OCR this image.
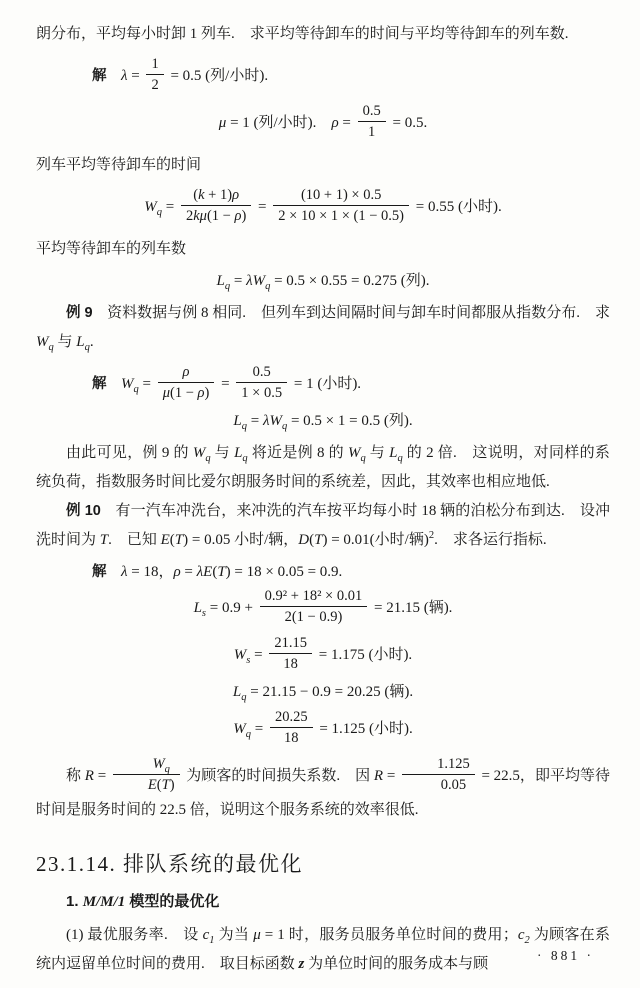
朗分布，平均每小时卸 1 列车.　求平均等待卸车的时间与平均等待卸车的列车数.
解　$\lambda = \frac{1}{2} = 0.5$ (列/小时).
μ = 1 (列/小时).　$\rho = \frac{0.5}{1} = 0.5$.
列车平均等待卸车的时间
$W_q = \frac{(k + 1)\rho}{2k\mu(1 - \rho)} = \frac{(10 + 1) \times 0.5}{2 \times 10 \times 1 \times (1 - 0.5)} = 0.55$ (小时).
平均等待卸车的列车数
$L_q = \lambda W_q = 0.5 \times 0.55 = 0.275$ (列).
例 9　资料数据与例 8 相同.　但列车到达间隔时间与卸车时间都服从指数分布.　求 $W_q$ 与 $L_q$.
解　$W_q = \frac{\rho}{\mu(1 - \rho)} = \frac{0.5}{1 \times 0.5} = 1$ (小时).
$L_q = \lambda W_q = 0.5 \times 1 = 0.5$ (列).
由此可见，例 9 的 $W_q$ 与 $L_q$ 将近是例 8 的 $W_q$ 与 $L_q$ 的 2 倍.　这说明，对同样的系统负荷，指数服务时间比爱尔朗服务时间的系统差，因此，其效率也相应地低.
例 10　有一汽车冲洗台，来冲洗的汽车按平均每小时 18 辆的泊松分布到达.　设冲洗时间为 T.　已知 E(T) = 0.05 小时/辆，D(T) = 0.01(小时/辆)$^2$.　求各运行指标.
解　λ = 18，ρ = λE(T) = 18 × 0.05 = 0.9.
$L_s = 0.9 + \frac{\text{0.9² + 18² × 0.01}}{2(1 - 0.9)} = 21.15$ (辆).
$W_s = \frac{21.15}{18} = 1.175$ (小时).
$L_q = 21.15 - 0.9 = 20.25$ (辆).
$W_q = \frac{20.25}{18} = 1.125$ (小时).
称 $R = \frac{W_q}{E(T)}$ 为顾客的时间损失系数.　因 $R = \frac{1.125}{0.05} = 22.5$，即平均等待时间是服务时间的 22.5 倍，说明这个服务系统的效率很低.
23.1.14. 排队系统的最优化
1. M/M/1 模型的最优化
(1) 最优服务率.　设 $c_1$ 为当 μ = 1 时，服务员服务单位时间的费用；$c_2$ 为顾客在系统内逗留单位时间的费用.　取目标函数 z 为单位时间的服务成本与顾
· 881 ·
